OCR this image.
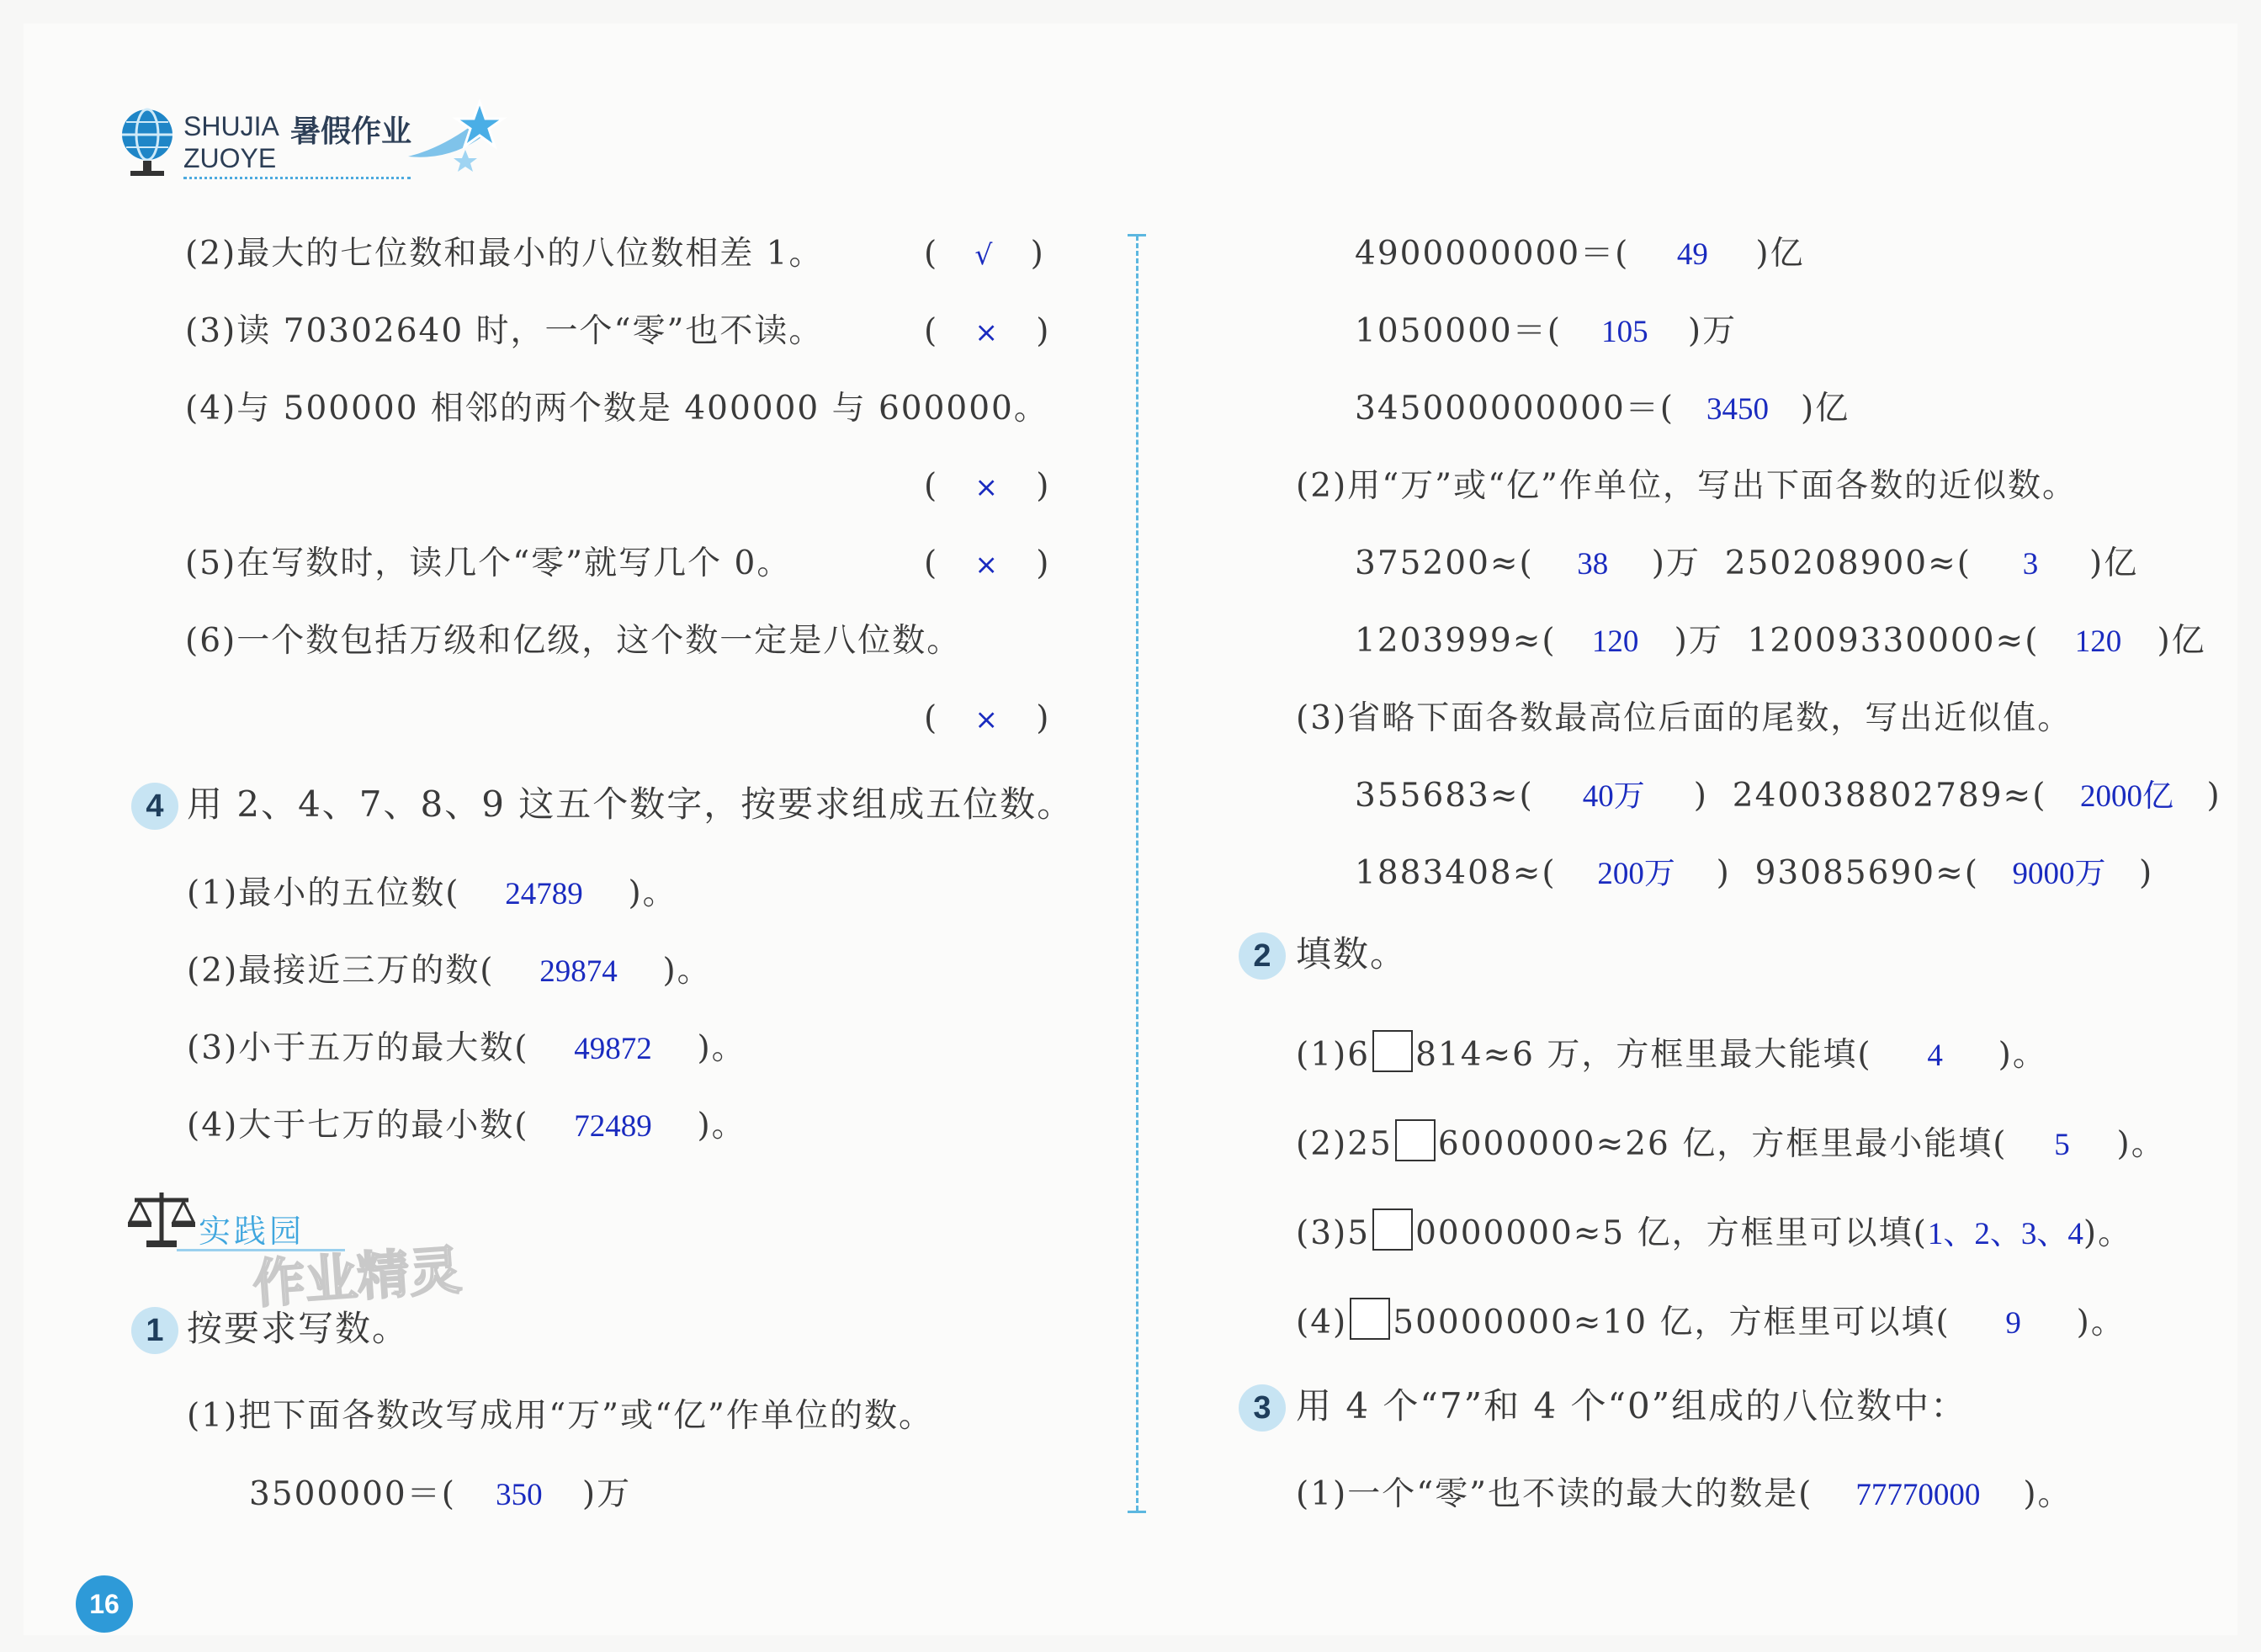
SHUJIA 暑假作业
ZUOYE
(2)最大的七位数和最小的八位数相差 1。	(   √   )
(3)读 70302640 时，一个“零”也不读。	(   ×   )
(4)与 500000 相邻的两个数是 400000 与 600000。
(   ×   )
(5)在写数时，读几个“零”就写几个 0。	(   ×   )
(6)一个数包括万级和亿级，这个数一定是八位数。
(   ×   )
4 用 2、4、7、8、9 这五个数字，按要求组成五位数。
(1)最小的五位数( 24789 )。
(2)最接近三万的数( 29874 )。
(3)小于五万的最大数( 49872 )。
(4)大于七万的最小数( 72489 )。
实践园
作业精灵
1 按要求写数。
(1)把下面各数改写成用“万”或“亿”作单位的数。
3500000＝( 350 )万
4900000000＝( 49 )亿
1050000＝( 105 )万
345000000000＝( 3450 )亿
(2)用“万”或“亿”作单位，写出下面各数的近似数。
375200≈( 38 )万 250208900≈( 3 )亿
1203999≈( 120 )万 12009330000≈( 120 )亿
(3)省略下面各数最高位后面的尾数，写出近似值。
355683≈( 40万 ) 240038802789≈( 2000亿 )
1883408≈( 200万 ) 93085690≈( 9000万 )
2 填数。
(1)6 814≈6 万，方框里最大能填( 4 )。
(2)25 6000000≈26 亿，方框里最小能填( 5 )。
(3)5 0000000≈5 亿，方框里可以填(1、2、3、4)。
(4) 50000000≈10 亿，方框里可以填( 9 )。
3 用 4 个“7”和 4 个“0”组成的八位数中：
(1)一个“零”也不读的最大的数是( 77770000 )。
16
